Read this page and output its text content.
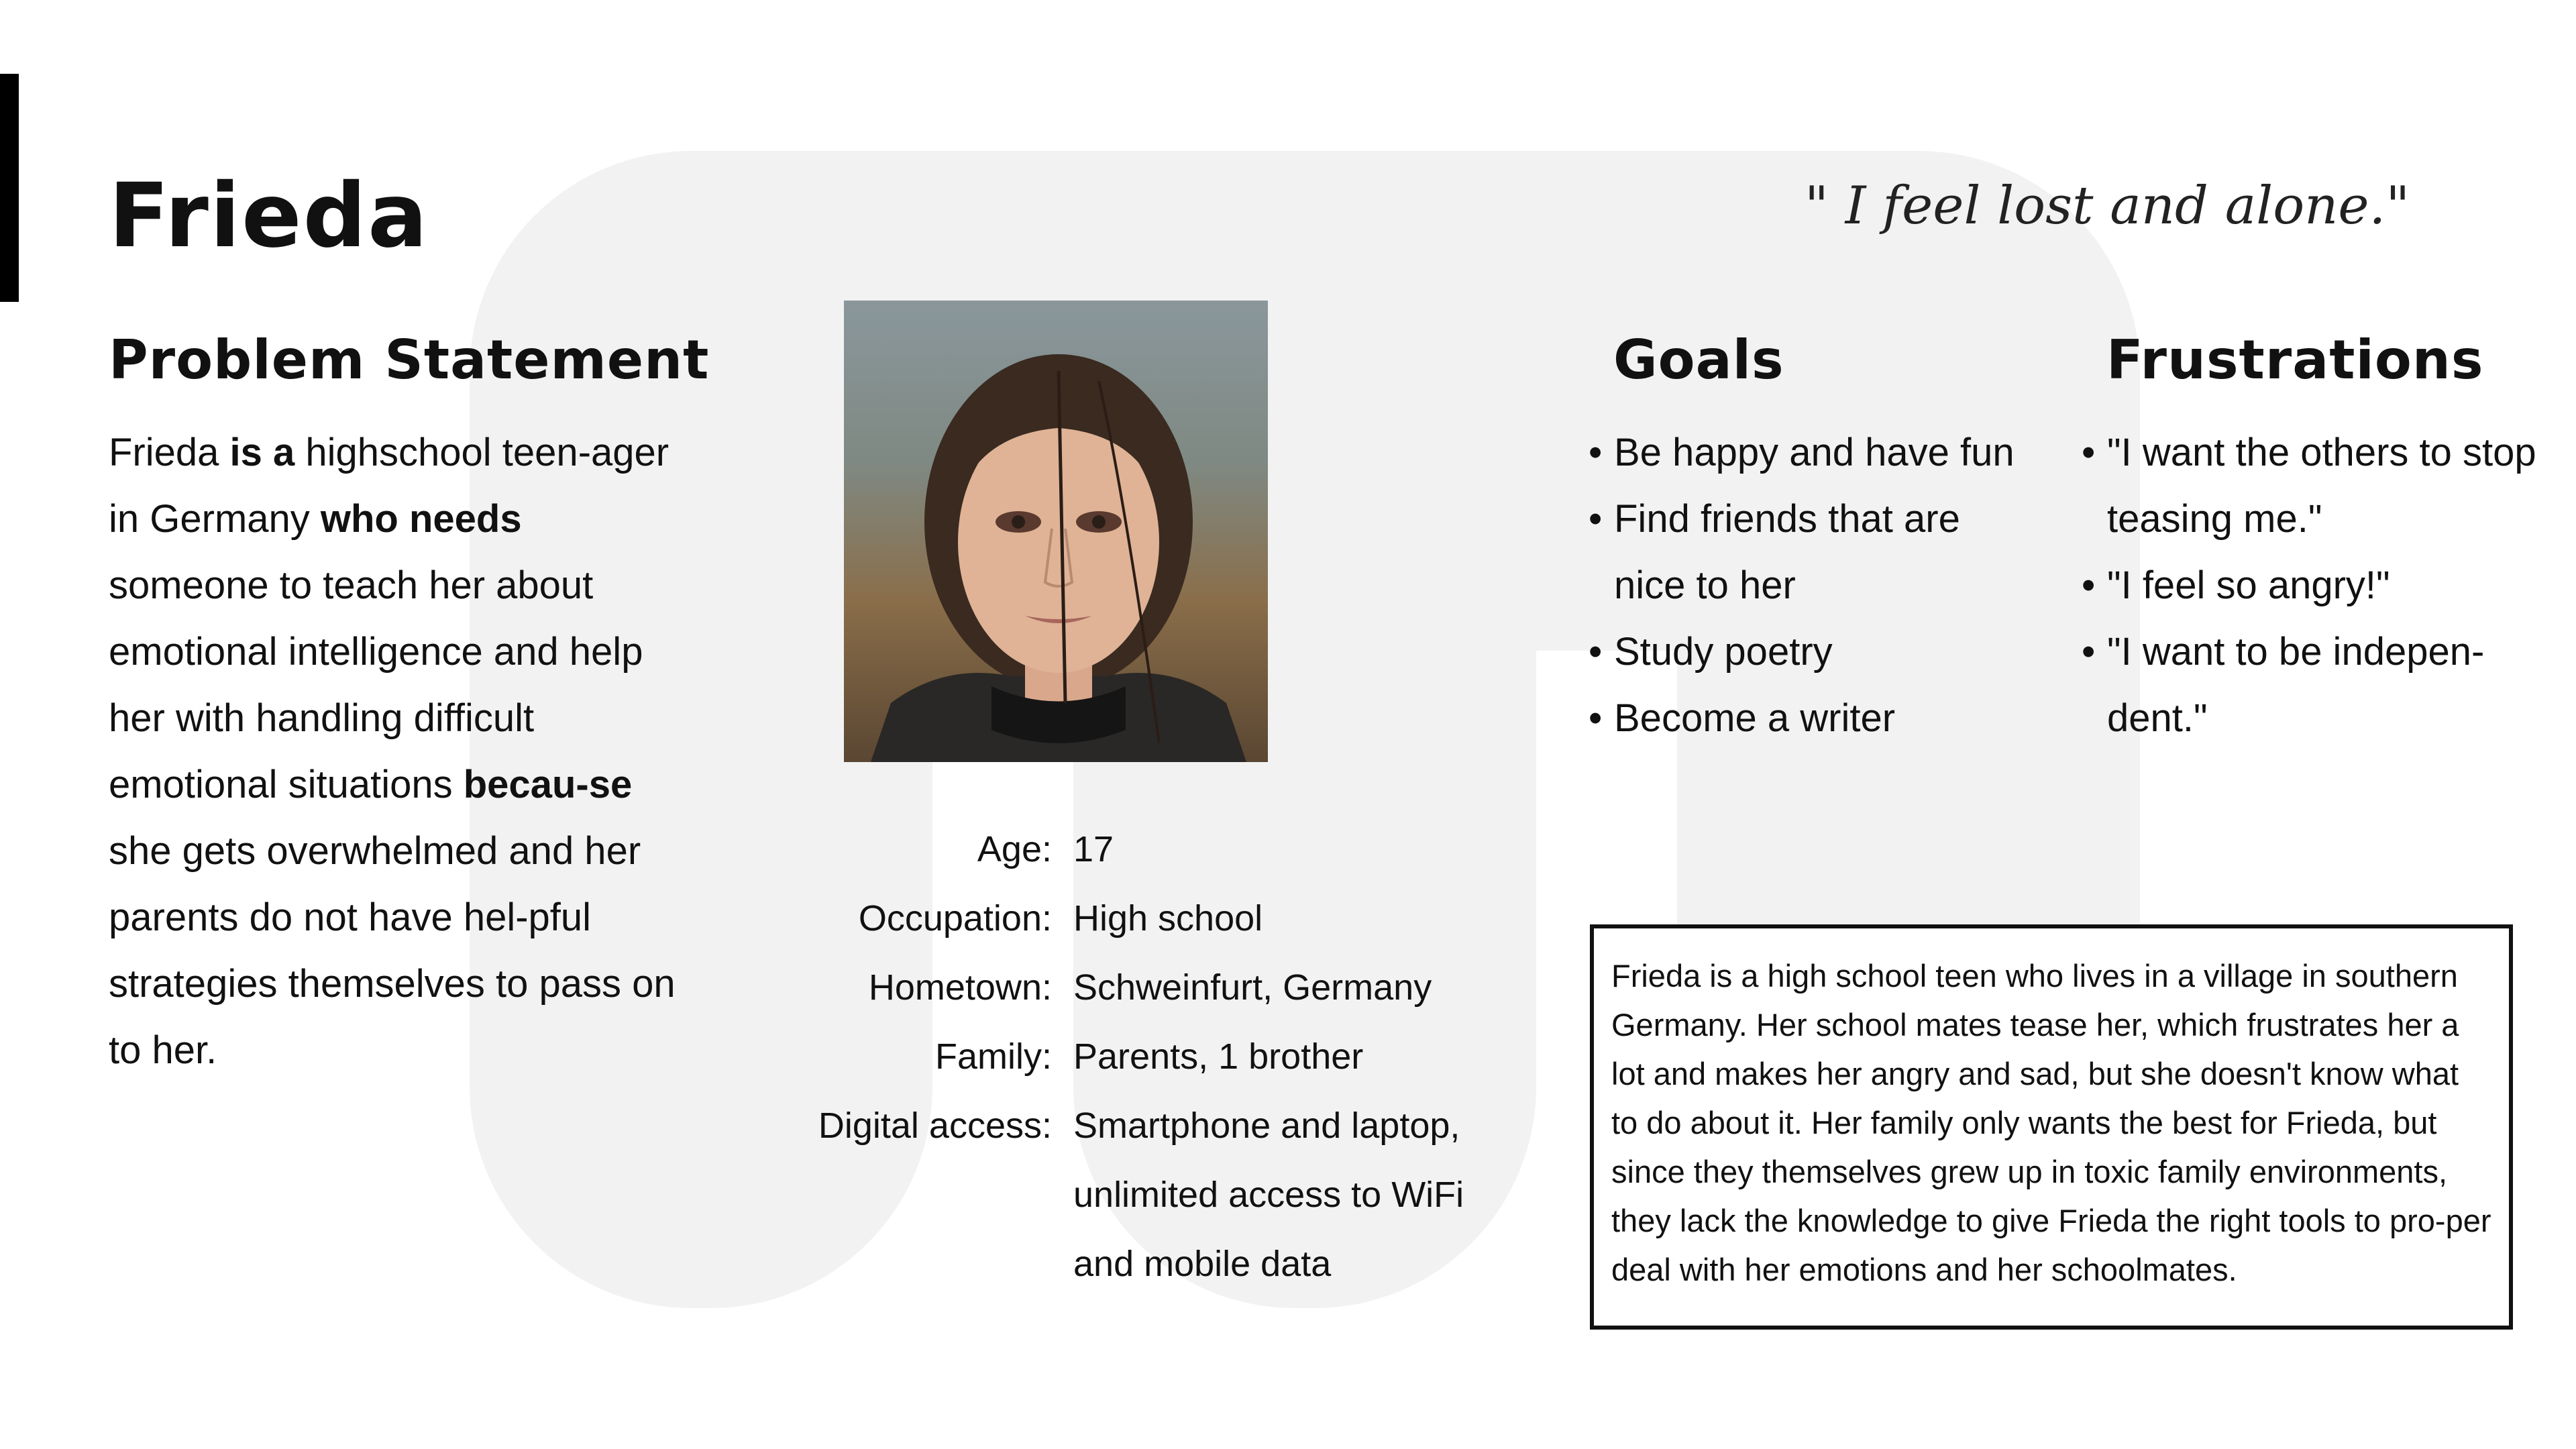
Frieda	" I feel lost and alone."

Problem Statement

Frieda is a highschool teen-ager in Germany who needs someone to teach her about emotional intelligence and help her with handling difficult emotional situations becau-se she gets overwhelmed and her parents do not have hel-pful strategies themselves to pass on to her.

Age: 17
Occupation: High school
Hometown: Schweinfurt, Germany
Family: Parents, 1 brother
Digital access: Smartphone and laptop, unlimited access to WiFi and mobile data
Goals
• Be happy and have fun
• Find friends that are nice to her
• Study poetry
• Become a writer
Frustrations
• "I want the others to stop teasing me."
• "I feel so angry!"
• "I want to be indepen-dent."
Frieda is a high school teen who lives in a village in southern Germany. Her school mates tease her, which frustrates her a lot and makes her angry and sad, but she doesn't know what to do about it. Her family only wants the best for Frieda, but since they themselves grew up in toxic family environments, they lack the knowledge to give Frieda the right tools to pro-per deal with her emotions and her schoolmates.
